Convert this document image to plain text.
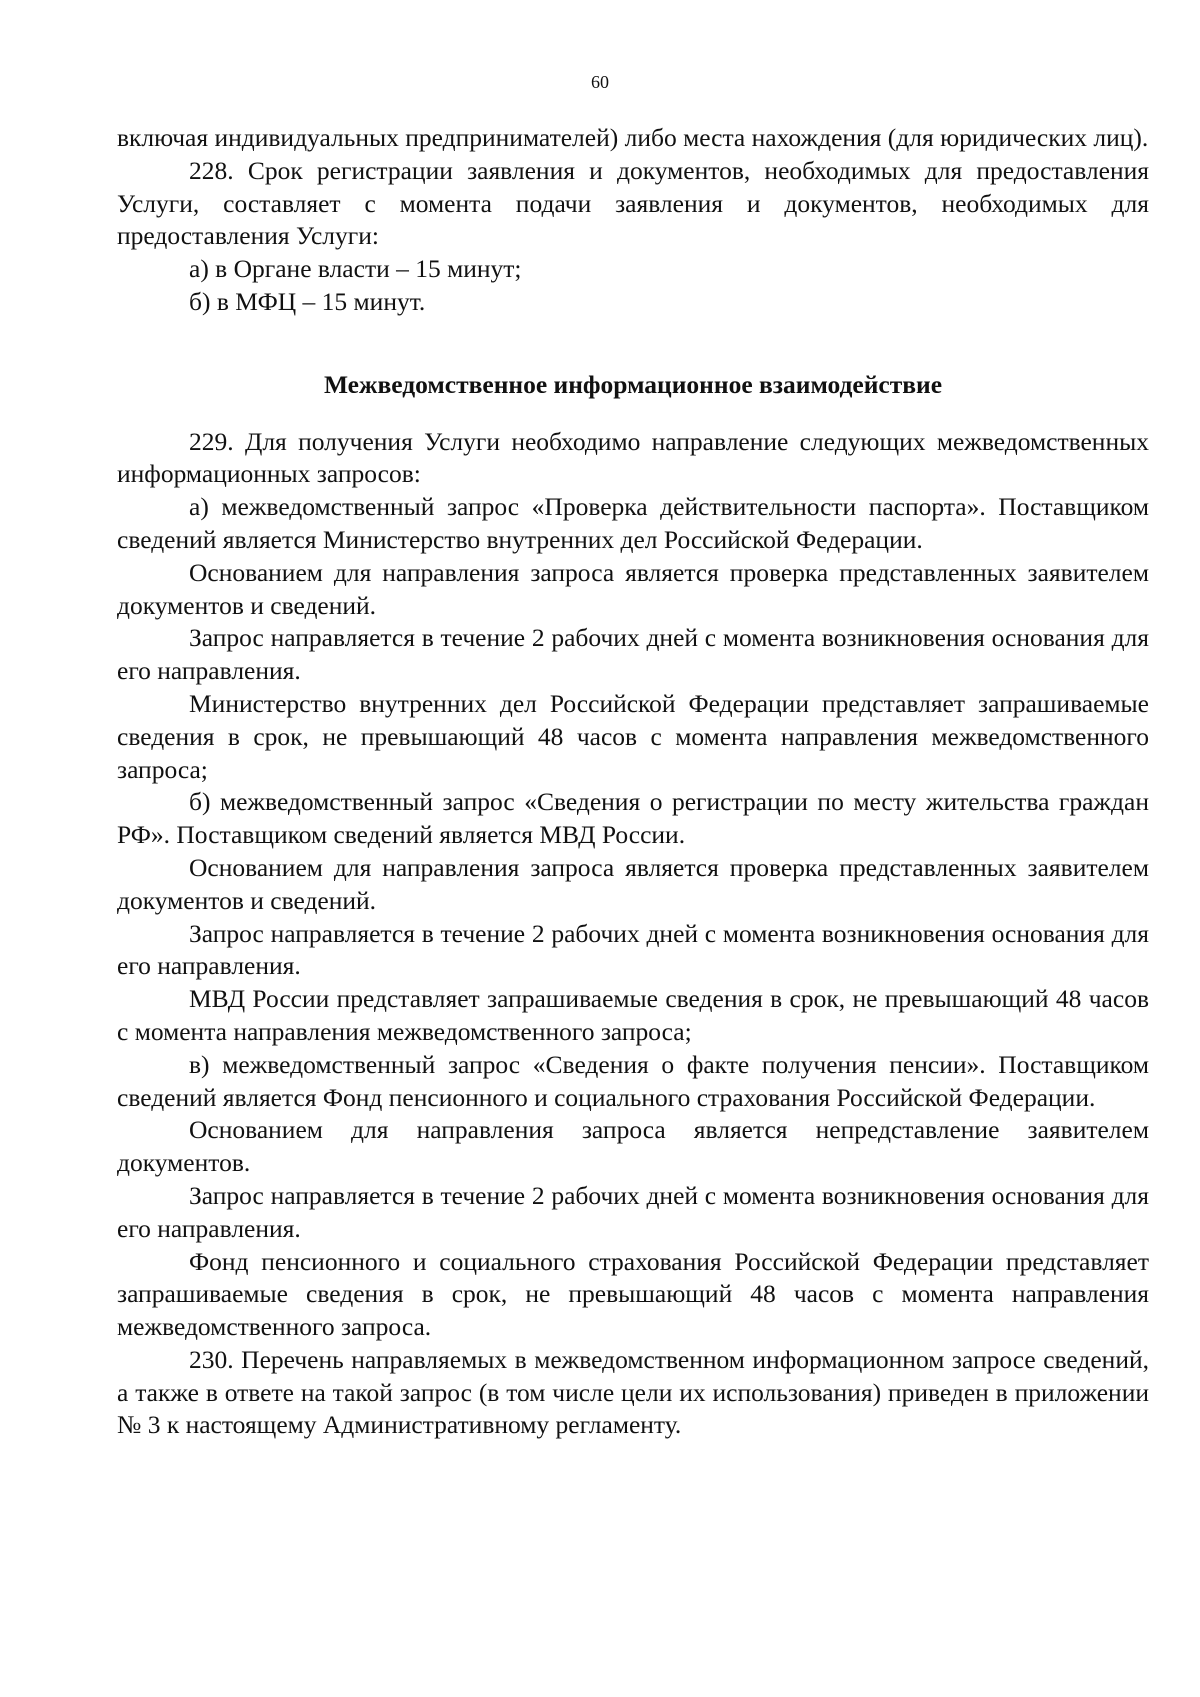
60

включая индивидуальных предпринимателей) либо места нахождения (для юридических лиц).

228. Срок регистрации заявления и документов, необходимых для предоставления Услуги, составляет с момента подачи заявления и документов, необходимых для предоставления Услуги:

а) в Органе власти – 15 минут;

б) в МФЦ – 15 минут.

Межведомственное информационное взаимодействие

229. Для получения Услуги необходимо направление следующих межведомственных информационных запросов:

а) межведомственный запрос «Проверка действительности паспорта». Поставщиком сведений является Министерство внутренних дел Российской Федерации.

Основанием для направления запроса является проверка представленных заявителем документов и сведений.

Запрос направляется в течение 2 рабочих дней с момента возникновения основания для его направления.

Министерство внутренних дел Российской Федерации представляет запрашиваемые сведения в срок, не превышающий 48 часов с момента направления межведомственного запроса;

б) межведомственный запрос «Сведения о регистрации по месту жительства граждан РФ». Поставщиком сведений является МВД России.

Основанием для направления запроса является проверка представленных заявителем документов и сведений.

Запрос направляется в течение 2 рабочих дней с момента возникновения основания для его направления.

МВД России представляет запрашиваемые сведения в срок, не превышающий 48 часов с момента направления межведомственного запроса;

в) межведомственный запрос «Сведения о факте получения пенсии». Поставщиком сведений является Фонд пенсионного и социального страхования Российской Федерации.

Основанием для направления запроса является непредставление заявителем документов.

Запрос направляется в течение 2 рабочих дней с момента возникновения основания для его направления.

Фонд пенсионного и социального страхования Российской Федерации представляет запрашиваемые сведения в срок, не превышающий 48 часов с момента направления межведомственного запроса.

230. Перечень направляемых в межведомственном информационном запросе сведений, а также в ответе на такой запрос (в том числе цели их использования) приведен в приложении № 3 к настоящему Административному регламенту.
